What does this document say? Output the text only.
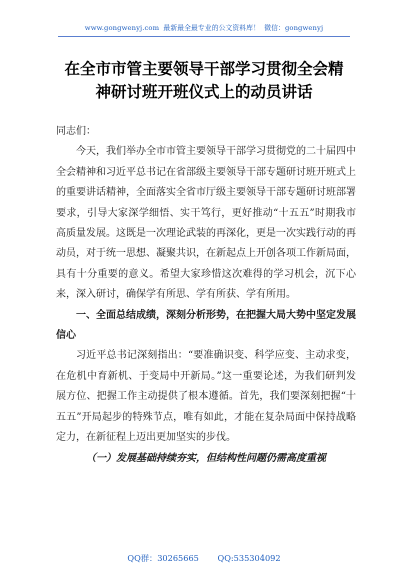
www.gongwenyj.com 最新最全最专业的公文资料库！ 微信：gongwenyj
在全市市管主要领导干部学习贯彻全会精
神研讨班开班仪式上的动员讲话

同志们：

今天，我们举办全市市管主要领导干部学习贯彻党的二十届四中全会精神和习近平总书记在省部级主要领导干部专题研讨班开班式上的重要讲话精神，全面落实全省市厅级主要领导干部专题研讨班部署要求，引导大家深学细悟、实干笃行，更好推动“十五五”时期我市高质量发展。这既是一次理论武装的再深化，更是一次实践行动的再动员，对于统一思想、凝聚共识，在新起点上开创各项工作新局面，具有十分重要的意义。希望大家珍惜这次难得的学习机会，沉下心来，深入研讨，确保学有所思、学有所获、学有所用。

一、全面总结成绩，深刻分析形势，在把握大局大势中坚定发展信心

习近平总书记深刻指出：“要准确识变、科学应变、主动求变，在危机中育新机、于变局中开新局。”这一重要论述，为我们研判发展方位、把握工作主动提供了根本遵循。首先，我们要深刻把握“十五五”开局起步的特殊节点，唯有如此，才能在复杂局面中保持战略定力，在新征程上迈出更加坚实的步伐。

（一）发展基础持续夯实，但结构性问题仍需高度重视

QQ群：30265665 QQ:535304092
